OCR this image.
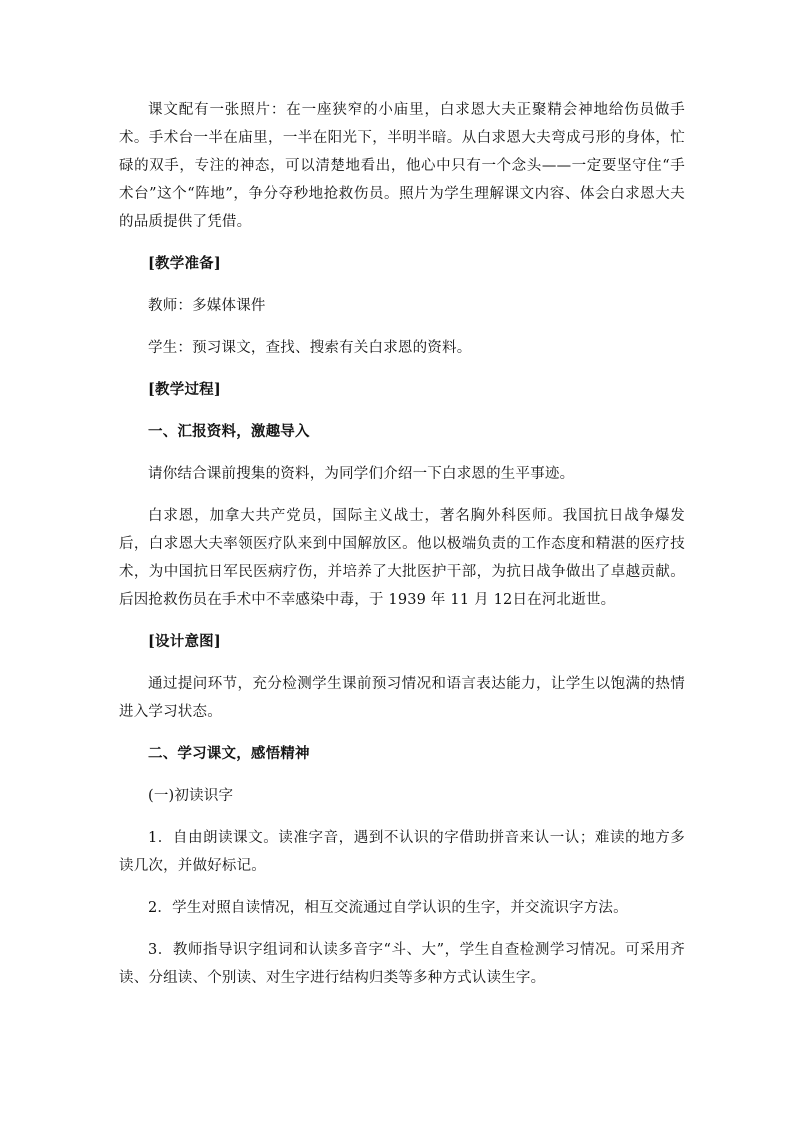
课文配有一张照片：在一座狭窄的小庙里，白求恩大夫正聚精会神地给伤员做手术。手术台一半在庙里，一半在阳光下，半明半暗。从白求恩大夫弯成弓形的身体，忙碌的双手，专注的神态，可以清楚地看出，他心中只有一个念头——一定要坚守住“手术台”这个“阵地”，争分夺秒地抢救伤员。照片为学生理解课文内容、体会白求恩大夫的品质提供了凭借。

[教学准备]

教师：多媒体课件

学生：预习课文，查找、搜索有关白求恩的资料。

[教学过程]

一、汇报资料，激趣导入

请你结合课前搜集的资料，为同学们介绍一下白求恩的生平事迹。

白求恩，加拿大共产党员，国际主义战士，著名胸外科医师。我国抗日战争爆发后，白求恩大夫率领医疗队来到中国解放区。他以极端负责的工作态度和精湛的医疗技术，为中国抗日军民医病疗伤，并培养了大批医护干部，为抗日战争做出了卓越贡献。后因抢救伤员在手术中不幸感染中毒，于 1939 年 11 月 12日在河北逝世。

[设计意图]

通过提问环节，充分检测学生课前预习情况和语言表达能力，让学生以饱满的热情进入学习状态。

二、学习课文，感悟精神

(一)初读识字

1．自由朗读课文。读准字音，遇到不认识的字借助拼音来认一认；难读的地方多读几次，并做好标记。

2．学生对照自读情况，相互交流通过自学认识的生字，并交流识字方法。

3．教师指导识字组词和认读多音字“斗、大”，学生自查检测学习情况。可采用齐读、分组读、个别读、对生字进行结构归类等多种方式认读生字。
